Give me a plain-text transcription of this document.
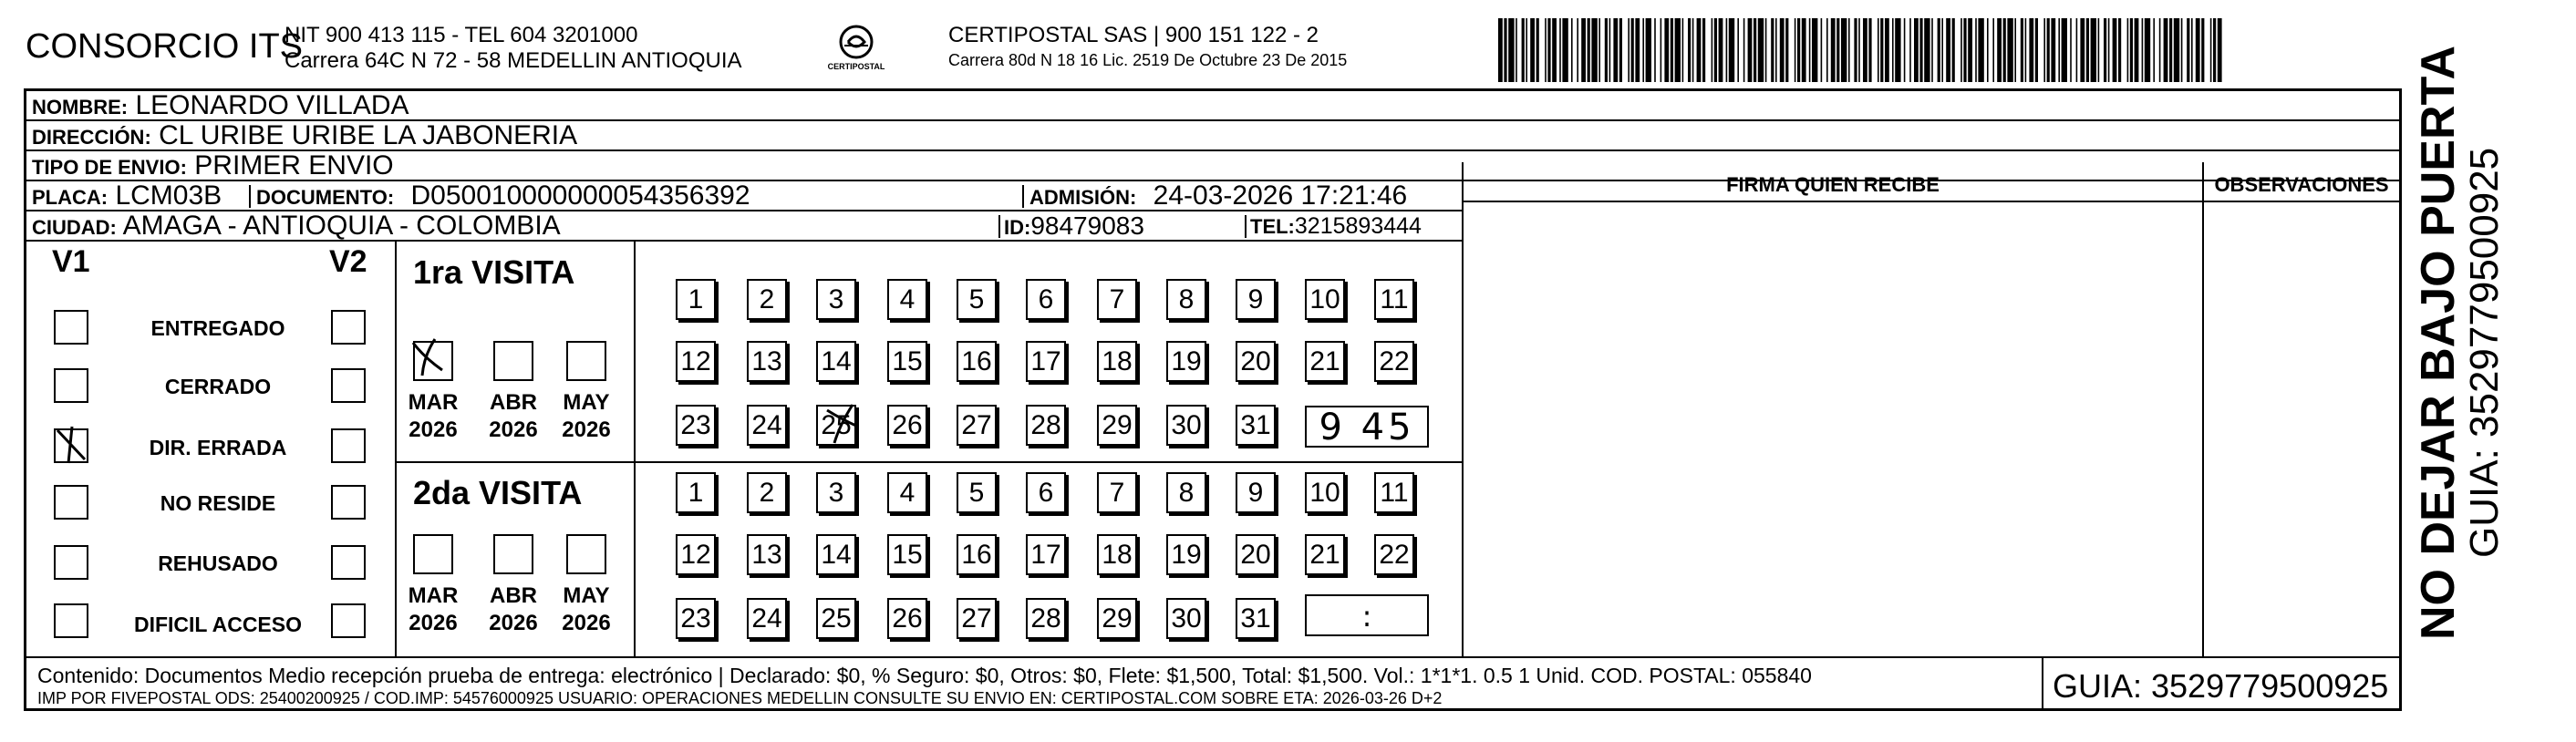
CONSORCIO ITS
NIT 900 413 115 - TEL 604 3201000
Carrera 64C N 72 - 58 MEDELLIN ANTIOQUIA	CERTIPOSTAL
CERTIPOSTAL SAS | 900 151 122 - 2
Carrera 80d N 18 16 Lic. 2519 De Octubre 23 De 2015
NOMBRE: LEONARDO VILLADA
DIRECCIÓN: CL URIBE URIBE LA JABONERIA
TIPO DE ENVIO: PRIMER ENVIO
PLACA: LCM03B
CIUDAD: AMAGA - ANTIOQUIA - COLOMBIA
DOCUMENTO: D050010000000054356392	ADMISIÓN: 24-03-2026 17:21:46
ID:98479083	TEL:3215893444
FIRMA QUIEN RECIBE	OBSERVACIONES
V1	V2
ENTREGADO
CERRADO
DIR. ERRADA
NO RESIDE
REHUSADO
DIFICIL ACCESO
1ra VISITA
2da VISITA
MAR	ABR	MAY
2026	2026	2026
MAR	ABR	MAY
2026	2026	2026
1	2	3	4	5	6	7	8	9	10 11
12 13 14 15 16 17 18 19 20 21 22
23 24 25 26 27 28 29 30 31
1	2	3	4	5	6	7	8	9	10 11
12 13 14 15 16 17 18 19 20 21 22
23 24 25 26 27 28 29 30 31
9 45
:
Contenido: Documentos Medio recepción prueba de entrega: electrónico | Declarado: $0, % Seguro: $0, Otros: $0, Flete: $1,500, Total: $1,500. Vol.: 1*1*1. 0.5 1 Unid. COD. POSTAL: 055840
IMP POR FIVEPOSTAL ODS: 25400200925 / COD.IMP: 54576000925 USUARIO: OPERACIONES MEDELLIN CONSULTE SU ENVIO EN: CERTIPOSTAL.COM SOBRE ETA: 2026-03-26 D+2	GUIA: 3529779500925
NO DEJAR BAJO PUERTA
GUIA: 3529779500925
